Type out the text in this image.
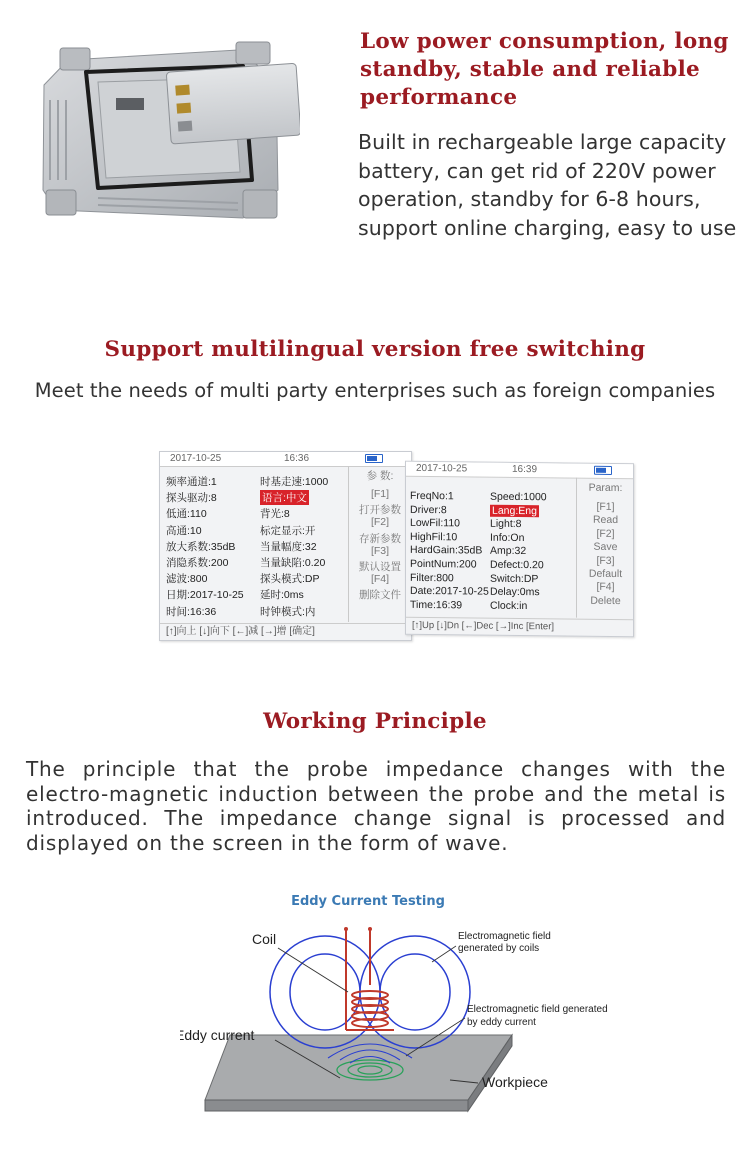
Low power consumption, long standby, stable and reliable performance
Built in rechargeable large capacity battery, can get rid of 220V power operation, standby for 6-8 hours, support online charging, easy to use
Support multilingual version free switching
Meet the needs of multi party enterprises such as foreign companies
2017-10-25	16:36
频率通道:1
探头驱动:8
低通:110
高通:10
放大系数:35dB
消隐系数:200
滤波:800
日期:2017-10-25
时间:16:36
时基走速:1000
语言:中文
背光:8
标定显示:开
当量幅度:32
当量缺陷:0.20
探头模式:DP
延时:0ms
时钟模式:内
参 数:
[F1]
打开参数
[F2]
存新参数
[F3]
默认设置
[F4]
删除文件
[↑]向上 [↓]向下 [←]减 [→]增 [确定]
2017-10-25	16:39
FreqNo:1
Driver:8
LowFil:110
HighFil:10
HardGain:35dB
PointNum:200
Filter:800
Date:2017-10-25
Time:16:39
Speed:1000
Lang:Eng
Light:8
Info:On
Amp:32
Defect:0.20
Switch:DP
Delay:0ms
Clock:in
Param:
[F1]
Read
[F2]
Save
[F3]
Default
[F4]
Delete
[↑]Up [↓]Dn [←]Dec [→]Inc [Enter]
Working Principle
The principle that the probe impedance changes with the electro-magnetic induction between the probe and the metal is introduced. The impedance change signal is processed and displayed on the screen in the form of wave.
Eddy Current Testing
Coil
Eddy current
Workpiece
Electromagnetic field
generated by coils
Electromagnetic field generated
by eddy current
